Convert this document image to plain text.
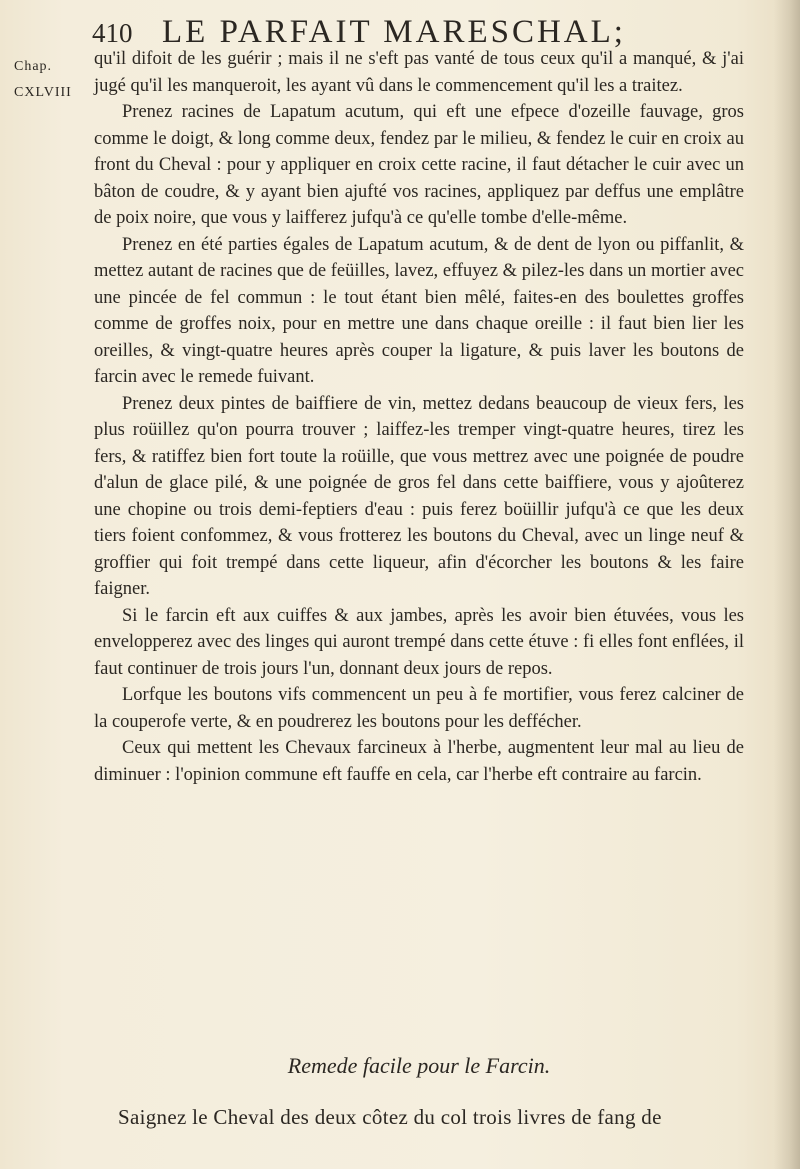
410 LE PARFAIT MARESCHAL;
Chap.
CXLVIII

qu'il difoit de les guérir ; mais il ne s'eft pas vanté de tous ceux qu'il a manqué, & j'ai jugé qu'il les manqueroit, les ayant vû dans le commencement qu'il les a traitez.

Prenez racines de Lapatum acutum, qui eft une efpece d'ozeille fauvage, gros comme le doigt, & long comme deux, fendez par le milieu, & fendez le cuir en croix au front du Cheval : pour y appliquer en croix cette racine, il faut détacher le cuir avec un bâton de coudre, & y ayant bien ajufté vos racines, appliquez par deffus une emplâtre de poix noire, que vous y laifferez jufqu'à ce qu'elle tombe d'elle-même.

Prenez en été parties égales de Lapatum acutum, & de dent de lyon ou piffanlit, & mettez autant de racines que de feüilles, lavez, effuyez & pilez-les dans un mortier avec une pincée de fel commun : le tout étant bien mêlé, faites-en des boulettes groffes comme de groffes noix, pour en mettre une dans chaque oreille : il faut bien lier les oreilles, & vingt-quatre heures après couper la ligature, & puis laver les boutons de farcin avec le remede fuivant.

Prenez deux pintes de baiffiere de vin, mettez dedans beaucoup de vieux fers, les plus roüillez qu'on pourra trouver ; laiffez-les tremper vingt-quatre heures, tirez les fers, & ratiffez bien fort toute la roüille, que vous mettrez avec une poignée de poudre d'alun de glace pilé, & une poignée de gros fel dans cette baiffiere, vous y ajoûterez une chopine ou trois demi-feptiers d'eau : puis ferez boüillir jufqu'à ce que les deux tiers foient confommez, & vous frotterez les boutons du Cheval, avec un linge neuf & groffier qui foit trempé dans cette liqueur, afin d'écorcher les boutons & les faire faigner.

Si le farcin eft aux cuiffes & aux jambes, après les avoir bien étuvées, vous les envelopperez avec des linges qui auront trempé dans cette étuve : fi elles font enflées, il faut continuer de trois jours l'un, donnant deux jours de repos.

Lorfque les boutons vifs commencent un peu à fe mortifier, vous ferez calciner de la couperofe verte, & en poudrerez les boutons pour les deffécher.

Ceux qui mettent les Chevaux farcineux à l'herbe, augmentent leur mal au lieu de diminuer : l'opinion commune eft fauffe en cela, car l'herbe eft contraire au farcin.

Remede facile pour le Farcin.
Saignez le Cheval des deux côtez du col trois livres de fang de
